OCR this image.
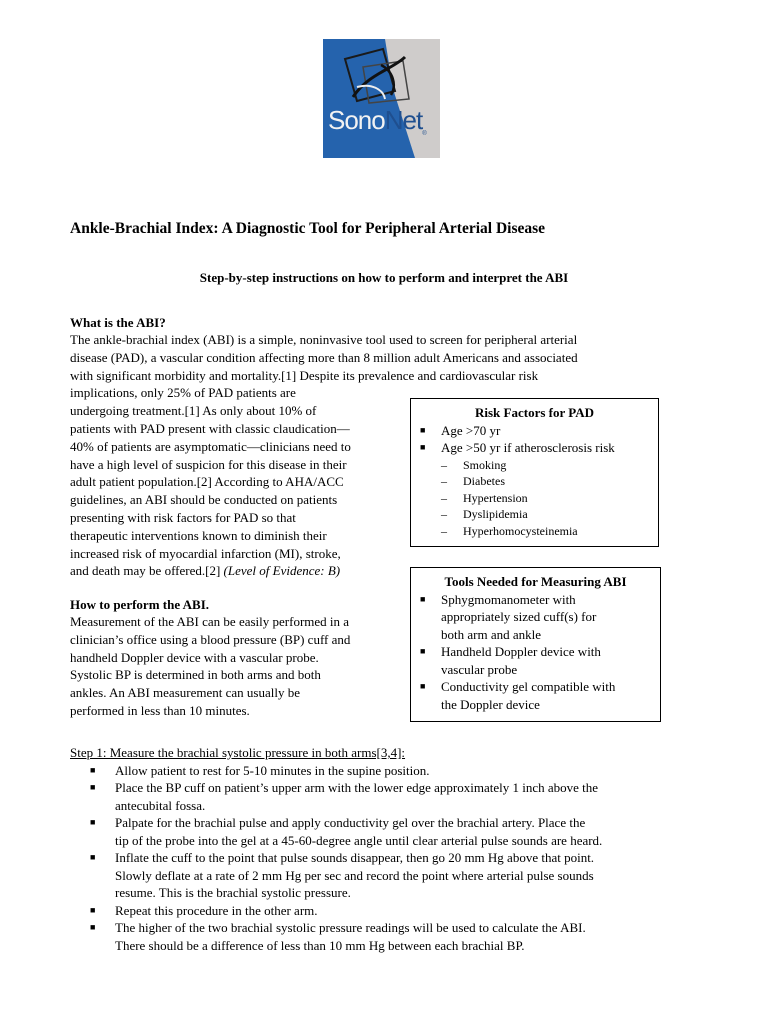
SonoNet$_®$
Ankle-Brachial Index: A Diagnostic Tool for Peripheral Arterial Disease
Step-by-step instructions on how to perform and interpret the ABI
What is the ABI?
The ankle-brachial index (ABI) is a simple, noninvasive tool used to screen for peripheral arterial
disease (PAD), a vascular condition affecting more than 8 million adult Americans and associated
with significant morbidity and mortality.[1] Despite its prevalence and cardiovascular risk
implications, only 25% of PAD patients are
undergoing treatment.[1] As only about 10% of
patients with PAD present with classic claudication—
40% of patients are asymptomatic—clinicians need to
have a high level of suspicion for this disease in their
adult patient population.[2] According to AHA/ACC
guidelines, an ABI should be conducted on patients
presenting with risk factors for PAD so that
therapeutic interventions known to diminish their
increased risk of myocardial infarction (MI), stroke,
and death may be offered.[2] (Level of Evidence: B)
Risk Factors for PAD
■ Age >70 yr
■ Age >50 yr if atherosclerosis risk
– Smoking
– Diabetes
– Hypertension
– Dyslipidemia
– Hyperhomocysteinemia
How to perform the ABI.
Measurement of the ABI can be easily performed in a
clinician’s office using a blood pressure (BP) cuff and
handheld Doppler device with a vascular probe.
Systolic BP is determined in both arms and both
ankles. An ABI measurement can usually be
performed in less than 10 minutes.
Tools Needed for Measuring ABI
■ Sphygmomanometer with
appropriately sized cuff(s) for
both arm and ankle
■ Handheld Doppler device with
vascular probe
■ Conductivity gel compatible with
the Doppler device
Step 1: Measure the brachial systolic pressure in both arms[3,4]:
■ Allow patient to rest for 5-10 minutes in the supine position.
■ Place the BP cuff on patient’s upper arm with the lower edge approximately 1 inch above the
antecubital fossa.
■ Palpate for the brachial pulse and apply conductivity gel over the brachial artery. Place the
tip of the probe into the gel at a 45-60-degree angle until clear arterial pulse sounds are heard.
■ Inflate the cuff to the point that pulse sounds disappear, then go 20 mm Hg above that point.
Slowly deflate at a rate of 2 mm Hg per sec and record the point where arterial pulse sounds
resume. This is the brachial systolic pressure.
■ Repeat this procedure in the other arm.
■ The higher of the two brachial systolic pressure readings will be used to calculate the ABI.
There should be a difference of less than 10 mm Hg between each brachial BP.
